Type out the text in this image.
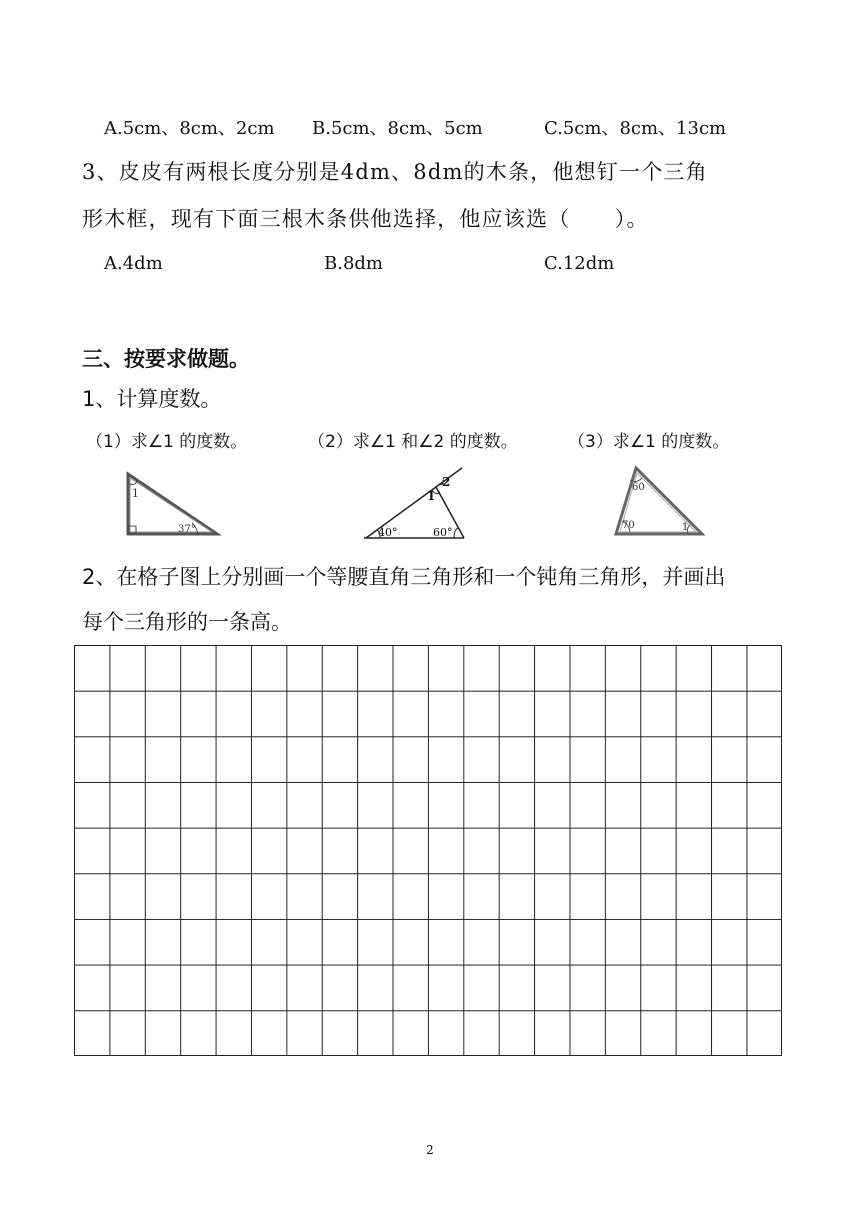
A.5cm、8cm、2cm B.5cm、8cm、5cm	C.5cm、8cm、13cm
3、皮皮有两根长度分别是4dm、8dm的木条，他想钉一个三角
形木框，现有下面三根木条供他选择，他应该选（　　）。
A.4dm	B.8dm	C.12dm
三、按要求做题。
1、计算度数。
（1）求∠1 的度数。	（2）求∠1 和∠2 的度数。	（3）求∠1 的度数。
1
37°
1
2
40°	60°
60
70	1
2、在格子图上分别画一个等腰直角三角形和一个钝角三角形，并画出
每个三角形的一条高。
2
